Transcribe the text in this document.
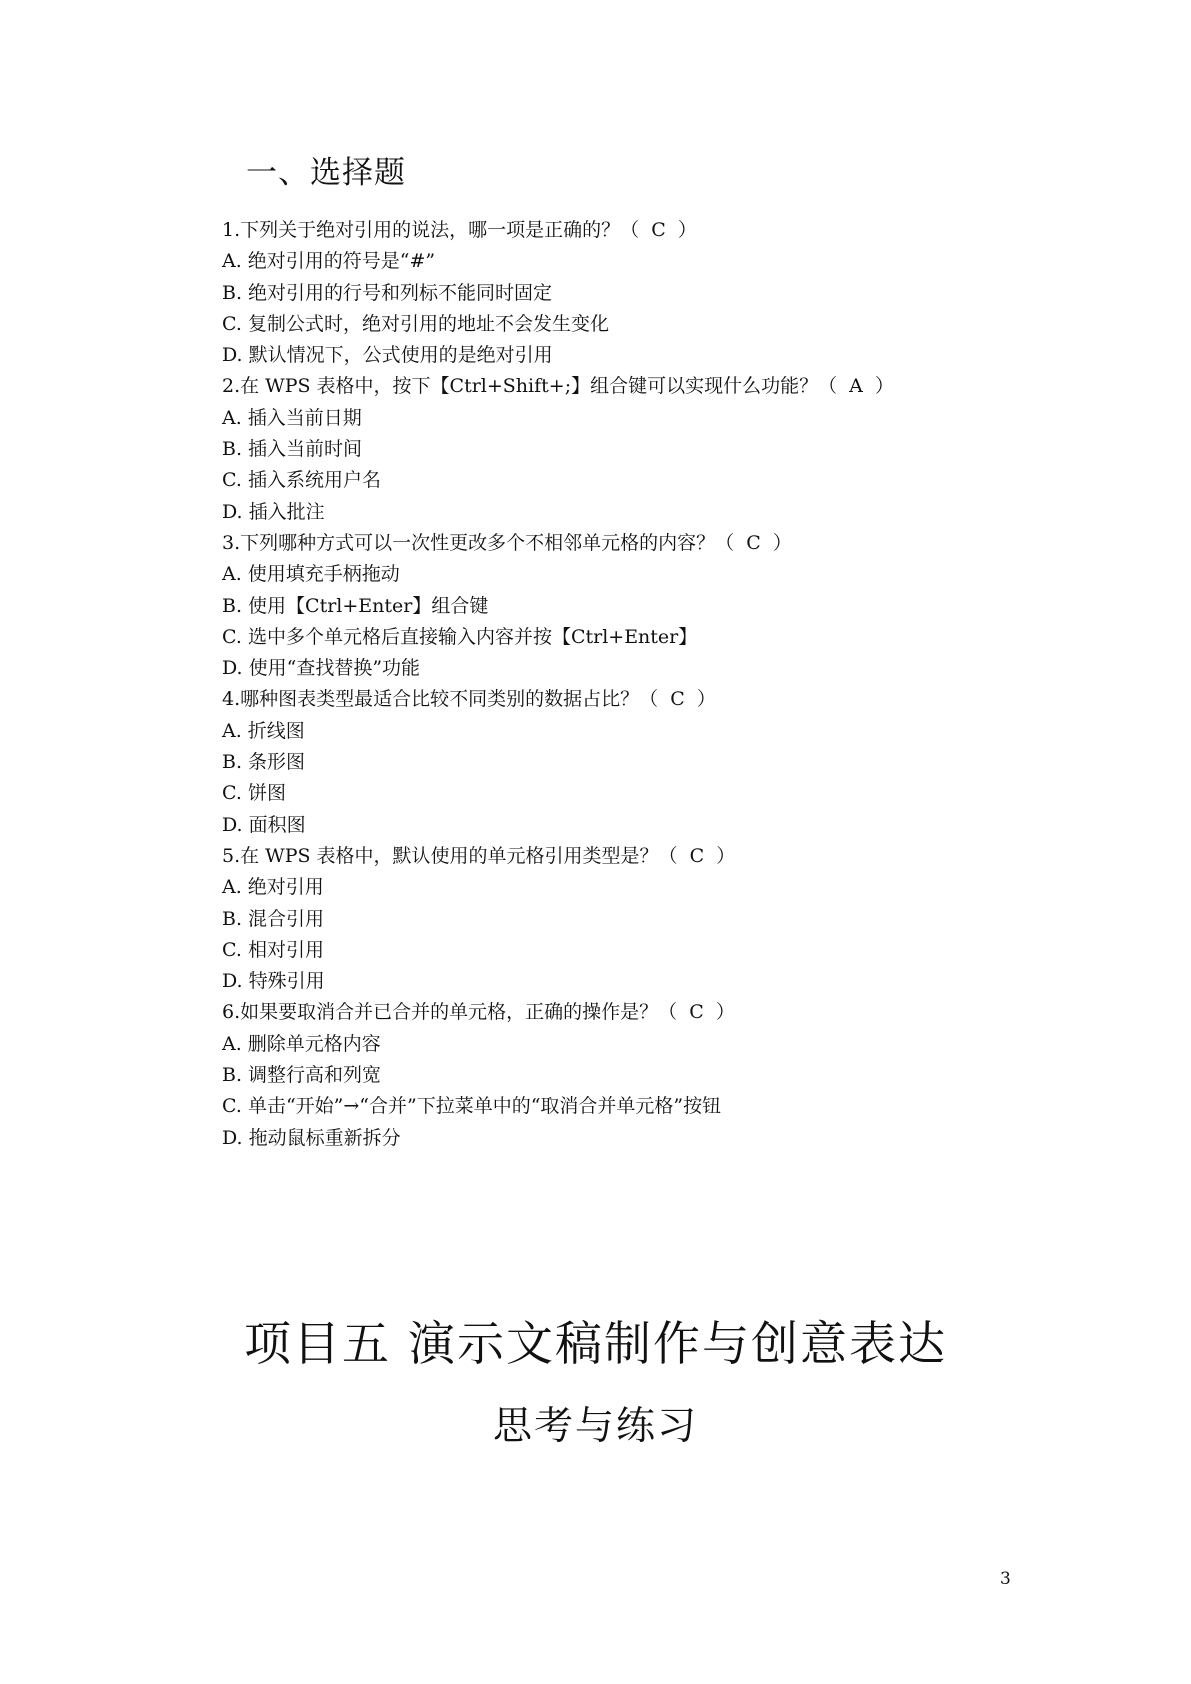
一、选择题
1.下列关于绝对引用的说法，哪一项是正确的？（  C  ）
A. 绝对引用的符号是“#”
B. 绝对引用的行号和列标不能同时固定
C. 复制公式时，绝对引用的地址不会发生变化
D. 默认情况下，公式使用的是绝对引用
2.在 WPS 表格中，按下【Ctrl+Shift+;】组合键可以实现什么功能？（  A  ）
A. 插入当前日期
B. 插入当前时间
C. 插入系统用户名
D. 插入批注
3.下列哪种方式可以一次性更改多个不相邻单元格的内容？（  C  ）
A. 使用填充手柄拖动
B. 使用【Ctrl+Enter】组合键
C. 选中多个单元格后直接输入内容并按【Ctrl+Enter】
D. 使用“查找替换”功能
4.哪种图表类型最适合比较不同类别的数据占比？（  C  ）
A. 折线图
B. 条形图
C. 饼图
D. 面积图
5.在 WPS 表格中，默认使用的单元格引用类型是？（  C  ）
A. 绝对引用
B. 混合引用
C. 相对引用
D. 特殊引用
6.如果要取消合并已合并的单元格，正确的操作是？（  C  ）
A. 删除单元格内容
B. 调整行高和列宽
C. 单击“开始”→“合并”下拉菜单中的“取消合并单元格”按钮
D. 拖动鼠标重新拆分
项目五 演示文稿制作与创意表达
思考与练习
3
